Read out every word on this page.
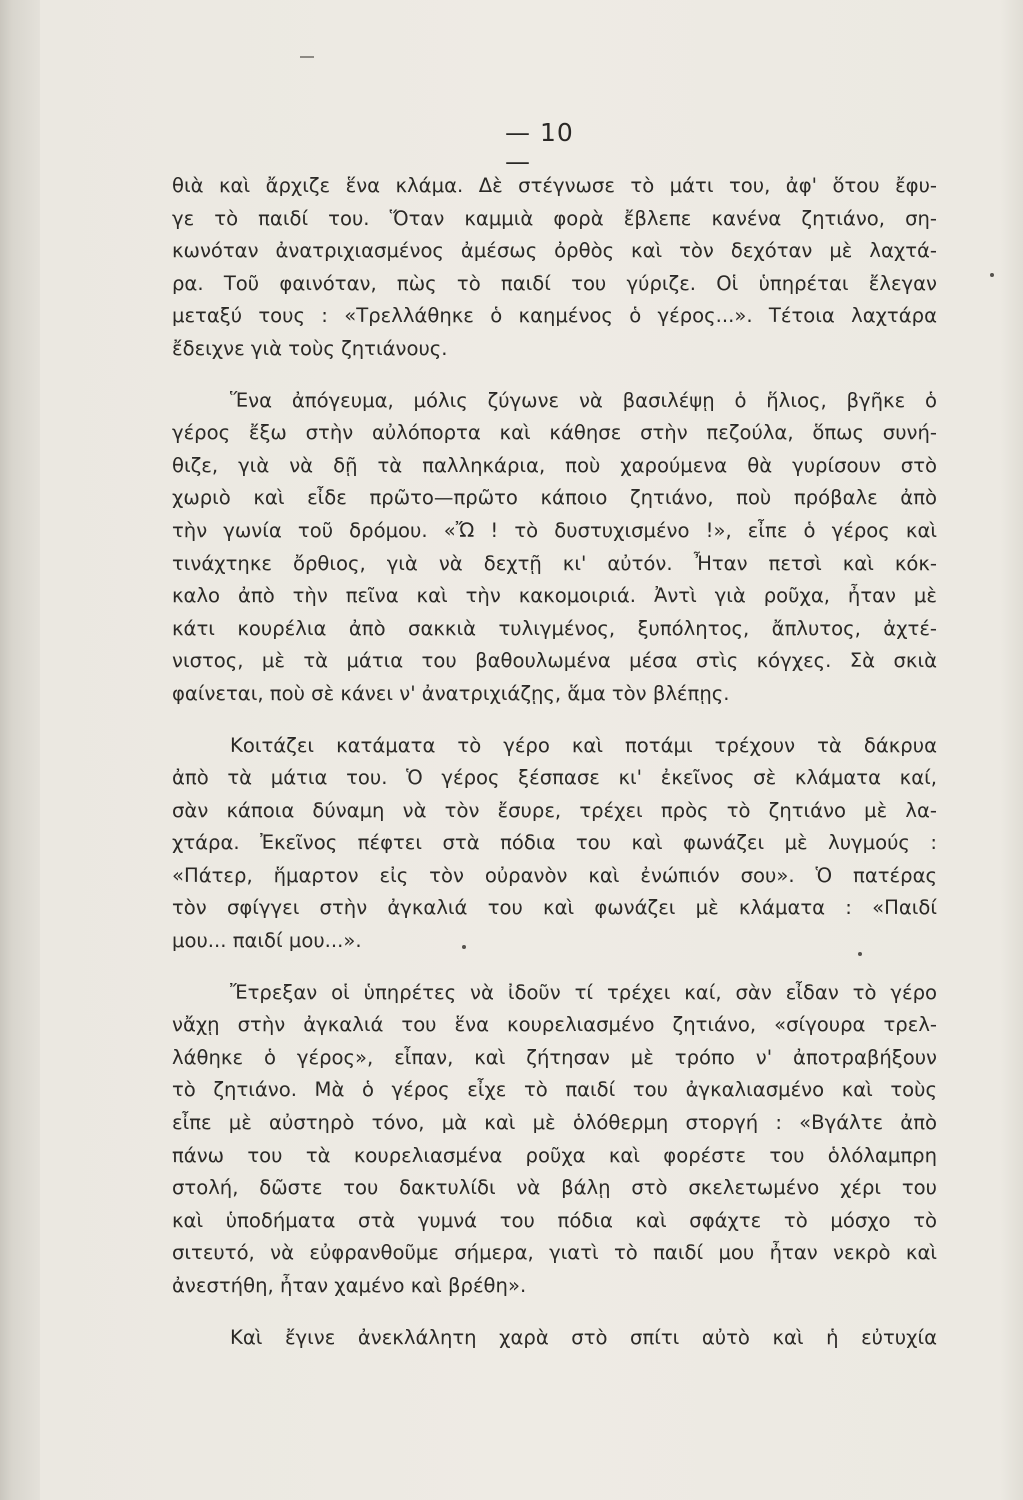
— 10 —
θιὰ καὶ ἄρχιζε ἕνα κλάμα. Δὲ στέγνωσε τὸ μάτι του, ἀφ' ὅτου ἔφυ-
γε τὸ παιδί του. Ὅταν καμμιὰ φορὰ ἔβλεπε κανένα ζητιάνο, ση-
κωνόταν ἀνατριχιασμένος ἀμέσως ὀρθὸς καὶ τὸν δεχόταν μὲ λαχτά-
ρα. Τοῦ φαινόταν, πὼς τὸ παιδί του γύριζε. Οἱ ὑπηρέται ἔλεγαν
μεταξύ τους : «Τρελλάθηκε ὁ καημένος ὁ γέρος...». Τέτοια λαχτάρα
ἔδειχνε γιὰ τοὺς ζητιάνους.
Ἕνα ἀπόγευμα, μόλις ζύγωνε νὰ βασιλέψῃ ὁ ἥλιος, βγῆκε ὁ
γέρος ἔξω στὴν αὐλόπορτα καὶ κάθησε στὴν πεζούλα, ὅπως συνή-
θιζε, γιὰ νὰ δῇ τὰ παλληκάρια, ποὺ χαρούμενα θὰ γυρίσουν στὸ
χωριὸ καὶ εἶδε πρῶτο—πρῶτο κάποιο ζητιάνο, ποὺ πρόβαλε ἀπὸ
τὴν γωνία τοῦ δρόμου. «Ὤ ! τὸ δυστυχισμένο !», εἶπε ὁ γέρος καὶ
τινάχτηκε ὄρθιος, γιὰ νὰ δεχτῇ κι' αὐτόν. Ἦταν πετσὶ καὶ κόκ-
καλο ἀπὸ τὴν πεῖνα καὶ τὴν κακομοιριά. Ἀντὶ γιὰ ροῦχα, ἦταν μὲ
κάτι κουρέλια ἀπὸ σακκιὰ τυλιγμένος, ξυπόλητος, ἄπλυτος, ἀχτέ-
νιστος, μὲ τὰ μάτια του βαθουλωμένα μέσα στὶς κόγχες. Σὰ σκιὰ
φαίνεται, ποὺ σὲ κάνει ν' ἀνατριχιάζῃς, ἅμα τὸν βλέπῃς.
Κοιτάζει κατάματα τὸ γέρο καὶ ποτάμι τρέχουν τὰ δάκρυα
ἀπὸ τὰ μάτια του. Ὁ γέρος ξέσπασε κι' ἐκεῖνος σὲ κλάματα καί,
σὰν κάποια δύναμη νὰ τὸν ἔσυρε, τρέχει πρὸς τὸ ζητιάνο μὲ λα-
χτάρα. Ἐκεῖνος πέφτει στὰ πόδια του καὶ φωνάζει μὲ λυγμούς :
«Πάτερ, ἥμαρτον εἰς τὸν οὐρανὸν καὶ ἐνώπιόν σου». Ὁ πατέρας
τὸν σφίγγει στὴν ἀγκαλιά του καὶ φωνάζει μὲ κλάματα : «Παιδί
μου... παιδί μου...».
Ἔτρεξαν οἱ ὑπηρέτες νὰ ἰδοῦν τί τρέχει καί, σὰν εἶδαν τὸ γέρο
νἄχῃ στὴν ἀγκαλιά του ἕνα κουρελιασμένο ζητιάνο, «σίγουρα τρελ-
λάθηκε ὁ γέρος», εἶπαν, καὶ ζήτησαν μὲ τρόπο ν' ἀποτραβήξουν
τὸ ζητιάνο. Μὰ ὁ γέρος εἶχε τὸ παιδί του ἀγκαλιασμένο καὶ τοὺς
εἶπε μὲ αὐστηρὸ τόνο, μὰ καὶ μὲ ὁλόθερμη στοργή : «Βγάλτε ἀπὸ
πάνω του τὰ κουρελιασμένα ροῦχα καὶ φορέστε του ὁλόλαμπρη
στολή, δῶστε του δακτυλίδι νὰ βάλῃ στὸ σκελετωμένο χέρι του
καὶ ὑποδήματα στὰ γυμνά του πόδια καὶ σφάχτε τὸ μόσχο τὸ
σιτευτό, νὰ εὐφρανθοῦμε σήμερα, γιατὶ τὸ παιδί μου ἦταν νεκρὸ καὶ
ἀνεστήθη, ἦταν χαμένο καὶ βρέθη».
Καὶ ἔγινε ἀνεκλάλητη χαρὰ στὸ σπίτι αὐτὸ καὶ ἡ εὐτυχία
